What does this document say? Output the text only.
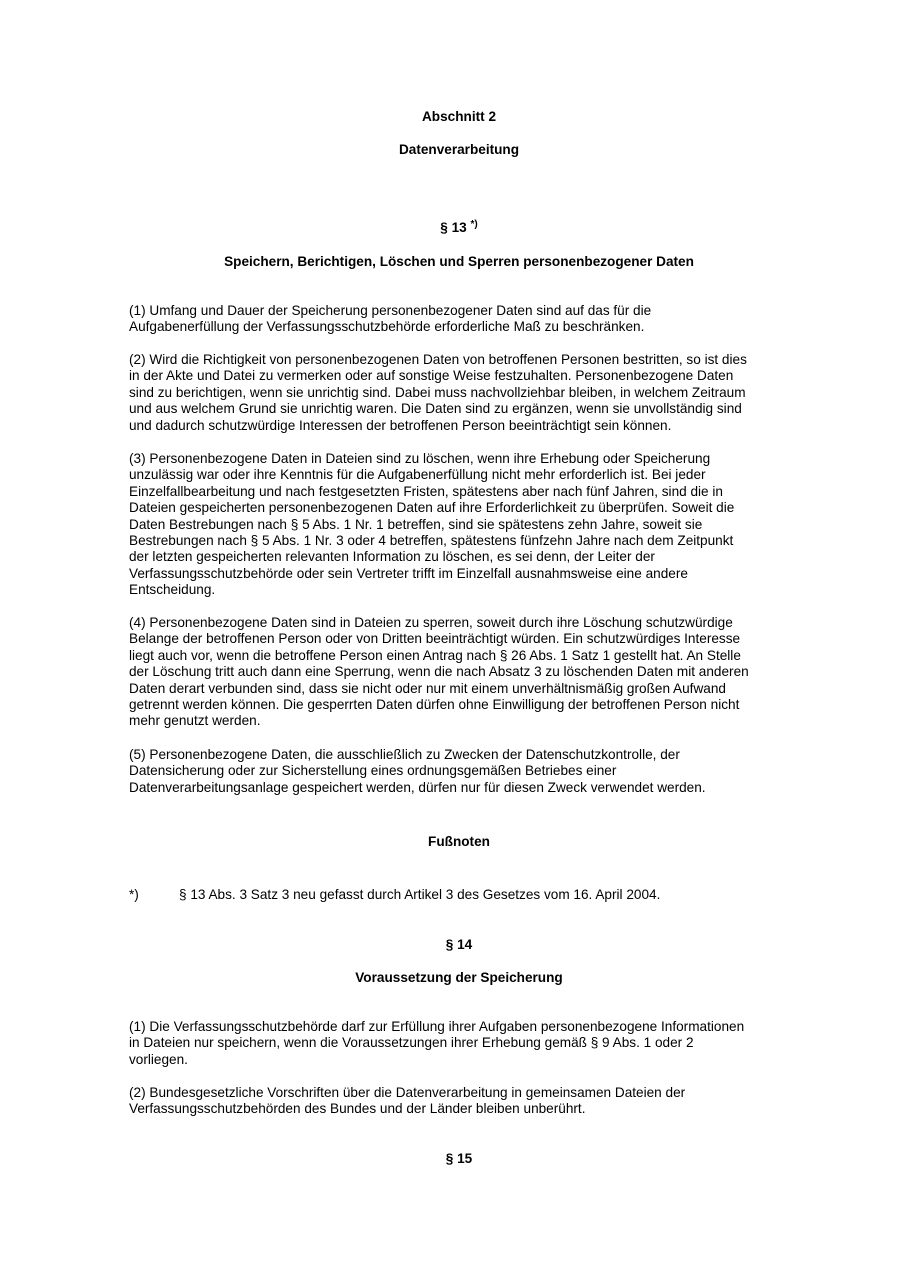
Abschnitt 2
Datenverarbeitung
§ 13 *)
Speichern, Berichtigen, Löschen und Sperren personenbezogener Daten
(1) Umfang und Dauer der Speicherung personenbezogener Daten sind auf das für die
Aufgabenerfüllung der Verfassungsschutzbehörde erforderliche Maß zu beschränken.
(2) Wird die Richtigkeit von personenbezogenen Daten von betroffenen Personen bestritten, so ist dies
in der Akte und Datei zu vermerken oder auf sonstige Weise festzuhalten. Personenbezogene Daten
sind zu berichtigen, wenn sie unrichtig sind. Dabei muss nachvollziehbar bleiben, in welchem Zeitraum
und aus welchem Grund sie unrichtig waren. Die Daten sind zu ergänzen, wenn sie unvollständig sind
und dadurch schutzwürdige Interessen der betroffenen Person beeinträchtigt sein können.
(3) Personenbezogene Daten in Dateien sind zu löschen, wenn ihre Erhebung oder Speicherung
unzulässig war oder ihre Kenntnis für die Aufgabenerfüllung nicht mehr erforderlich ist. Bei jeder
Einzelfallbearbeitung und nach festgesetzten Fristen, spätestens aber nach fünf Jahren, sind die in
Dateien gespeicherten personenbezogenen Daten auf ihre Erforderlichkeit zu überprüfen. Soweit die
Daten Bestrebungen nach § 5 Abs. 1 Nr. 1 betreffen, sind sie spätestens zehn Jahre, soweit sie
Bestrebungen nach § 5 Abs. 1 Nr. 3 oder 4 betreffen, spätestens fünfzehn Jahre nach dem Zeitpunkt
der letzten gespeicherten relevanten Information zu löschen, es sei denn, der Leiter der
Verfassungsschutzbehörde oder sein Vertreter trifft im Einzelfall ausnahmsweise eine andere
Entscheidung.
(4) Personenbezogene Daten sind in Dateien zu sperren, soweit durch ihre Löschung schutzwürdige
Belange der betroffenen Person oder von Dritten beeinträchtigt würden. Ein schutzwürdiges Interesse
liegt auch vor, wenn die betroffene Person einen Antrag nach § 26 Abs. 1 Satz 1 gestellt hat. An Stelle
der Löschung tritt auch dann eine Sperrung, wenn die nach Absatz 3 zu löschenden Daten mit anderen
Daten derart verbunden sind, dass sie nicht oder nur mit einem unverhältnismäßig großen Aufwand
getrennt werden können. Die gesperrten Daten dürfen ohne Einwilligung der betroffenen Person nicht
mehr genutzt werden.
(5) Personenbezogene Daten, die ausschließlich zu Zwecken der Datenschutzkontrolle, der
Datensicherung oder zur Sicherstellung eines ordnungsgemäßen Betriebes einer
Datenverarbeitungsanlage gespeichert werden, dürfen nur für diesen Zweck verwendet werden.
Fußnoten
*)	§ 13 Abs. 3 Satz 3 neu gefasst durch Artikel 3 des Gesetzes vom 16. April 2004.
§ 14
Voraussetzung der Speicherung
(1) Die Verfassungsschutzbehörde darf zur Erfüllung ihrer Aufgaben personenbezogene Informationen
in Dateien nur speichern, wenn die Voraussetzungen ihrer Erhebung gemäß § 9 Abs. 1 oder 2
vorliegen.
(2) Bundesgesetzliche Vorschriften über die Datenverarbeitung in gemeinsamen Dateien der
Verfassungsschutzbehörden des Bundes und der Länder bleiben unberührt.
§ 15
